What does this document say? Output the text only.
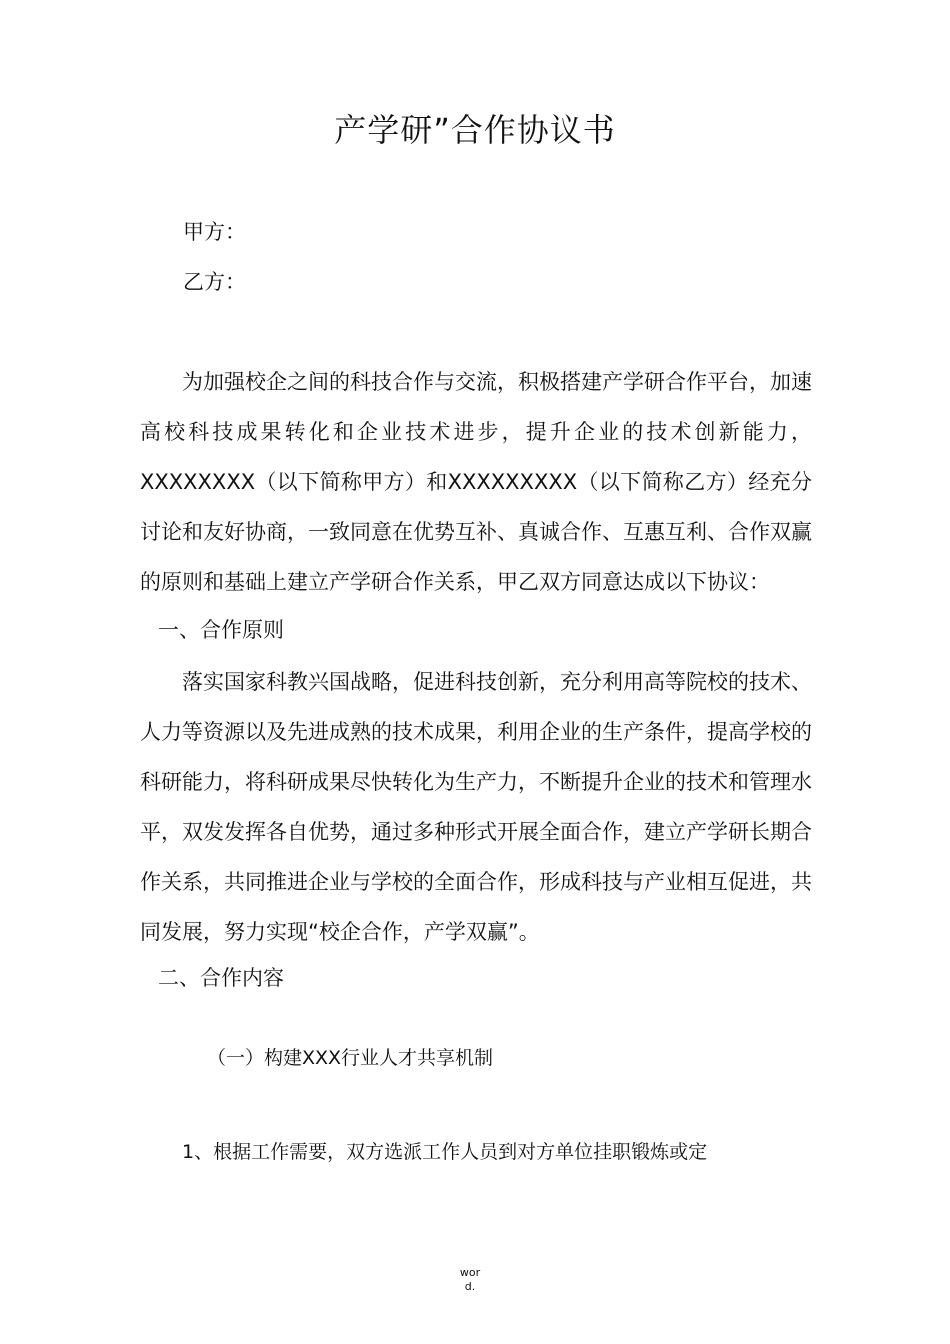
产学研”合作协议书
甲方：
乙方：

为加强校企之间的科技合作与交流，积极搭建产学研合作平台，加速高校科技成果转化和企业技术进步，提升企业的技术创新能力，XXXXXXXX（以下简称甲方）和XXXXXXXXX（以下简称乙方）经充分讨论和友好协商，一致同意在优势互补、真诚合作、互惠互利、合作双赢的原则和基础上建立产学研合作关系，甲乙双方同意达成以下协议：

一、合作原则

落实国家科教兴国战略，促进科技创新，充分利用高等院校的技术、人力等资源以及先进成熟的技术成果，利用企业的生产条件，提高学校的科研能力，将科研成果尽快转化为生产力，不断提升企业的技术和管理水平，双发发挥各自优势，通过多种形式开展全面合作，建立产学研长期合作关系，共同推进企业与学校的全面合作，形成科技与产业相互促进，共同发展，努力实现“校企合作，产学双赢”。

二、合作内容
（一）构建XXX行业人才共享机制
1、根据工作需要，双方选派工作人员到对方单位挂职锻炼或定
wor
d.
